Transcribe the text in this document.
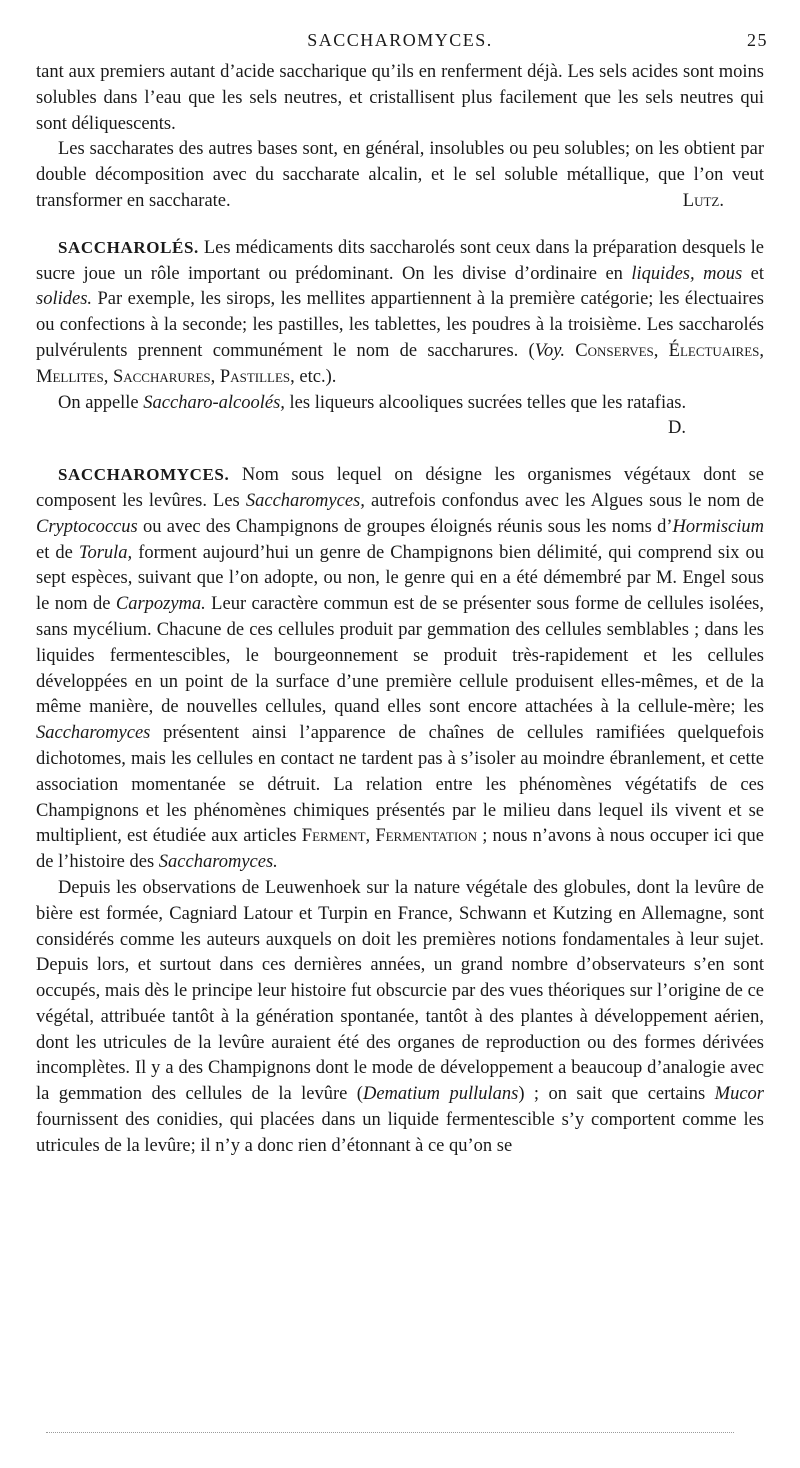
SACCHAROMYCES.	25

tant aux premiers autant d’acide saccharique qu’ils en renferment déjà. Les sels acides sont moins solubles dans l’eau que les sels neutres, et cristallisent plus facilement que les sels neutres qui sont déliquescents.

Les saccharates des autres bases sont, en général, insolubles ou peu solubles; on les obtient par double décomposition avec du saccharate alcalin, et le sel soluble métallique, que l’on veut transformer en saccharate.	Lutz.

SACCHAROLÉS. Les médicaments dits saccharolés sont ceux dans la préparation desquels le sucre joue un rôle important ou prédominant. On les divise d’ordinaire en liquides, mous et solides. Par exemple, les sirops, les mellites appartiennent à la première catégorie; les électuaires ou confections à la seconde; les pastilles, les tablettes, les poudres à la troisième. Les saccharolés pulvérulents prennent communément le nom de saccharures. (Voy. Conserves, Électuaires, Mellites, Saccharures, Pastilles, etc.).

On appelle Saccharo-alcoolés, les liqueurs alcooliques sucrées telles que les ratafias.
D.

SACCHAROMYCES. Nom sous lequel on désigne les organismes végétaux dont se composent les levûres. Les Saccharomyces, autrefois confondus avec les Algues sous le nom de Cryptococcus ou avec des Champignons de groupes éloignés réunis sous les noms d’Hormiscium et de Torula, forment aujourd’hui un genre de Champignons bien délimité, qui comprend six ou sept espèces, suivant que l’on adopte, ou non, le genre qui en a été démembré par M. Engel sous le nom de Carpozyma. Leur caractère commun est de se présenter sous forme de cellules isolées, sans mycélium. Chacune de ces cellules produit par gemmation des cellules semblables ; dans les liquides fermentescibles, le bourgeonnement se produit très-rapidement et les cellules développées en un point de la surface d’une première cellule produisent elles-mêmes, et de la même manière, de nouvelles cellules, quand elles sont encore attachées à la cellule-mère; les Saccharomyces présentent ainsi l’apparence de chaînes de cellules ramifiées quelquefois dichotomes, mais les cellules en contact ne tardent pas à s’isoler au moindre ébranlement, et cette association momentanée se détruit. La relation entre les phénomènes végétatifs de ces Champignons et les phénomènes chimiques présentés par le milieu dans lequel ils vivent et se multiplient, est étudiée aux articles Ferment, Fermentation ; nous n’avons à nous occuper ici que de l’histoire des Saccharomyces.

Depuis les observations de Leuwenhoek sur la nature végétale des globules, dont la levûre de bière est formée, Cagniard Latour et Turpin en France, Schwann et Kutzing en Allemagne, sont considérés comme les auteurs auxquels on doit les premières notions fondamentales à leur sujet. Depuis lors, et surtout dans ces dernières années, un grand nombre d’observateurs s’en sont occupés, mais dès le principe leur histoire fut obscurcie par des vues théoriques sur l’origine de ce végétal, attribuée tantôt à la génération spontanée, tantôt à des plantes à développement aérien, dont les utricules de la levûre auraient été des organes de reproduction ou des formes dérivées incomplètes. Il y a des Champignons dont le mode de développement a beaucoup d’analogie avec la gemmation des cellules de la levûre (Dematium pullulans) ; on sait que certains Mucor fournissent des conidies, qui placées dans un liquide fermentescible s’y comportent comme les utricules de la levûre; il n’y a donc rien d’étonnant à ce qu’on se
